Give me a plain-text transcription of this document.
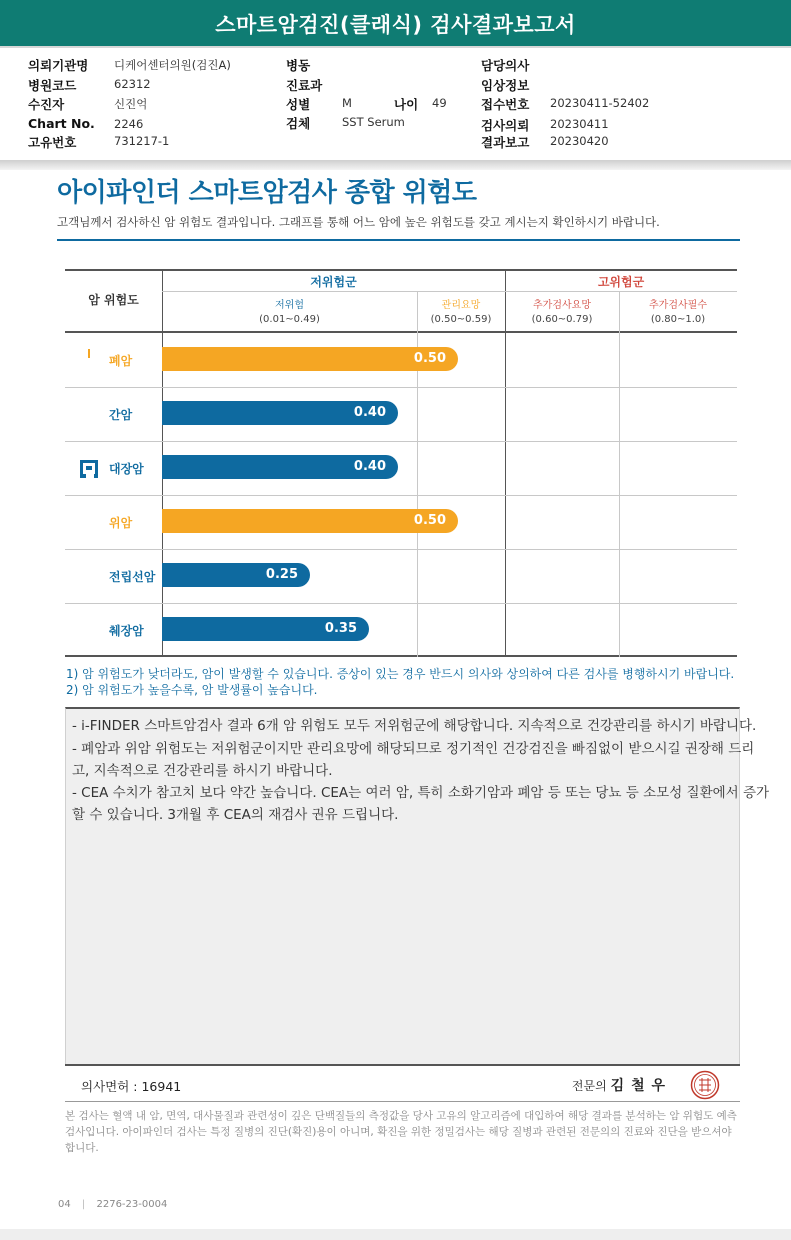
스마트암검진(클래식) 검사결과보고서
의뢰기관명 디케어센터의원(검진A)
병원코드	62312
수진자	신진억
Chart No. 2246
고유번호	731217-1
병동
진료과
성별	M	나이 49
검체	SST Serum
담당의사
임상정보
접수번호 20230411-52402
검사의뢰 20230411
결과보고 20230420
아이파인더 스마트암검사 종합 위험도
고객님께서 검사하신 암 위험도 결과입니다. 그래프를 통해 어느 암에 높은 위험도를 갖고 계시는지 확인하시기 바랍니다.
암 위험도
저위험군	고위험군
저위험
(0.01~0.49)
관리요망
(0.50~0.59)
추가검사요망
(0.60~0.79)
추가검사필수
(0.80~1.0)
폐암	0.50
간암	0.40
대장암	0.40
위암	0.50
전립선암	0.25
췌장암	0.35
1) 암 위험도가 낮더라도, 암이 발생할 수 있습니다. 증상이 있는 경우 반드시 의사와 상의하여 다른 검사를 병행하시기 바랍니다.
2) 암 위험도가 높을수록, 암 발생률이 높습니다.
- i-FINDER 스마트암검사 결과 6개 암 위험도 모두 저위험군에 해당합니다. 지속적으로 건강관리를 하시기 바랍니다.
- 폐암과 위암 위험도는 저위험군이지만 관리요망에 해당되므로 정기적인 건강검진을 빠짐없이 받으시길 권장해 드리
고, 지속적으로 건강관리를 하시기 바랍니다.
- CEA 수치가 참고치 보다 약간 높습니다. CEA는 여러 암, 특히 소화기암과 폐암 등 또는 당뇨 등 소모성 질환에서 증가
할 수 있습니다. 3개월 후 CEA의 재검사 권유 드립니다.
의사면허 : 16941	전문의 김 철 우
본 검사는 혈액 내 암, 면역, 대사물질과 관련성이 깊은 단백질들의 측정값을 당사 고유의 알고리즘에 대입하여 해당 결과를 분석하는 암 위험도 예측
검사입니다. 아이파인더 검사는 특정 질병의 진단(확진)용이 아니며, 확진을 위한 정밀검사는 해당 질병과 관련된 전문의의 진료와 진단을 받으셔야
합니다.
04 | 2276-23-0004
